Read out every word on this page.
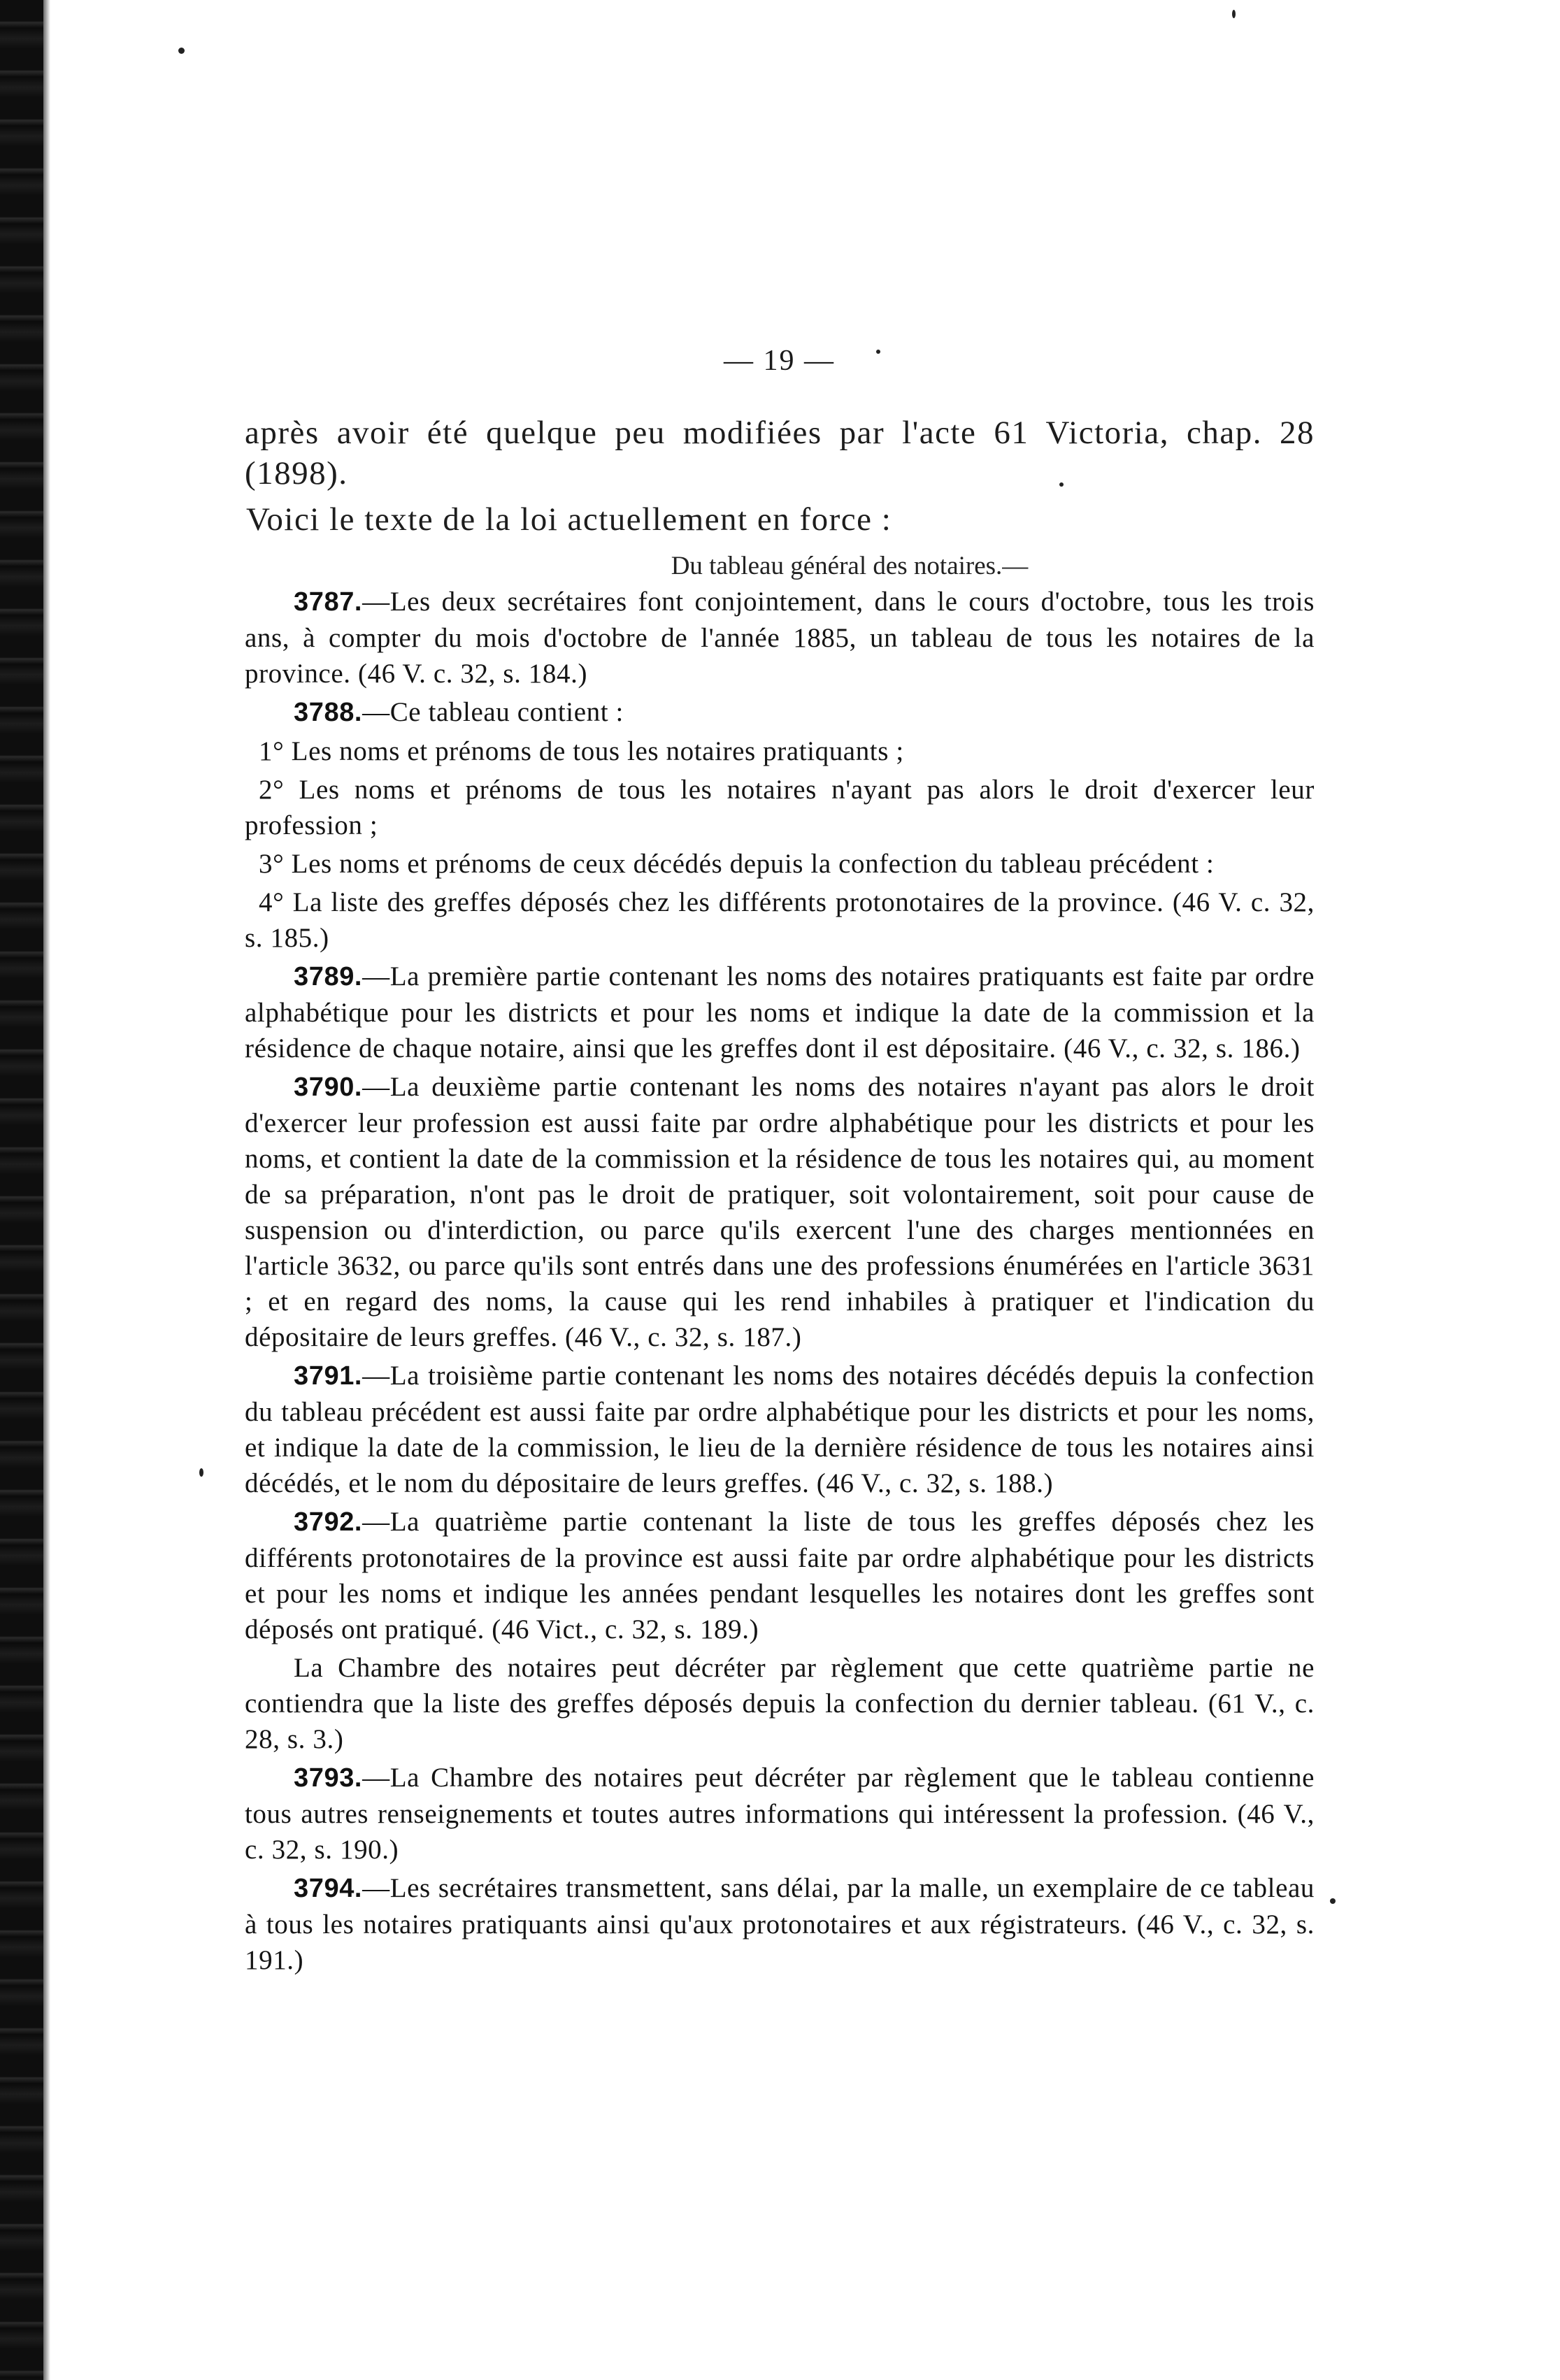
— 19 —

après avoir été quelque peu modifiées par l'acte 61 Victoria, chap. 28 (1898).

Voici le texte de la loi actuellement en force :

Du tableau général des notaires.—

3787.—Les deux secrétaires font conjointement, dans le cours d'octobre, tous les trois ans, à compter du mois d'octobre de l'année 1885, un tableau de tous les notaires de la province. (46 V. c. 32, s. 184.)

3788.—Ce tableau contient :

1° Les noms et prénoms de tous les notaires pratiquants ;

2° Les noms et prénoms de tous les notaires n'ayant pas alors le droit d'exercer leur profession ;

3° Les noms et prénoms de ceux décédés depuis la confection du tableau précédent :

4° La liste des greffes déposés chez les différents protonotaires de la province. (46 V. c. 32, s. 185.)

3789.—La première partie contenant les noms des notaires pratiquants est faite par ordre alphabétique pour les districts et pour les noms et indique la date de la commission et la résidence de chaque notaire, ainsi que les greffes dont il est dépositaire. (46 V., c. 32, s. 186.)

3790.—La deuxième partie contenant les noms des notaires n'ayant pas alors le droit d'exercer leur profession est aussi faite par ordre alphabétique pour les districts et pour les noms, et contient la date de la commission et la résidence de tous les notaires qui, au moment de sa préparation, n'ont pas le droit de pratiquer, soit volontairement, soit pour cause de suspension ou d'interdiction, ou parce qu'ils exercent l'une des charges mentionnées en l'article 3632, ou parce qu'ils sont entrés dans une des professions énumérées en l'article 3631 ; et en regard des noms, la cause qui les rend inhabiles à pratiquer et l'indication du dépositaire de leurs greffes. (46 V., c. 32, s. 187.)

3791.—La troisième partie contenant les noms des notaires décédés depuis la confection du tableau précédent est aussi faite par ordre alphabétique pour les districts et pour les noms, et indique la date de la commission, le lieu de la dernière résidence de tous les notaires ainsi décédés, et le nom du dépositaire de leurs greffes. (46 V., c. 32, s. 188.)

3792.—La quatrième partie contenant la liste de tous les greffes déposés chez les différents protonotaires de la province est aussi faite par ordre alphabétique pour les districts et pour les noms et indique les années pendant lesquelles les notaires dont les greffes sont déposés ont pratiqué. (46 Vict., c. 32, s. 189.)

La Chambre des notaires peut décréter par règlement que cette quatrième partie ne contiendra que la liste des greffes déposés depuis la confection du dernier tableau. (61 V., c. 28, s. 3.)

3793.—La Chambre des notaires peut décréter par règlement que le tableau contienne tous autres renseignements et toutes autres informations qui intéressent la profession. (46 V., c. 32, s. 190.)

3794.—Les secrétaires transmettent, sans délai, par la malle, un exemplaire de ce tableau à tous les notaires pratiquants ainsi qu'aux protonotaires et aux régistrateurs. (46 V., c. 32, s. 191.)
